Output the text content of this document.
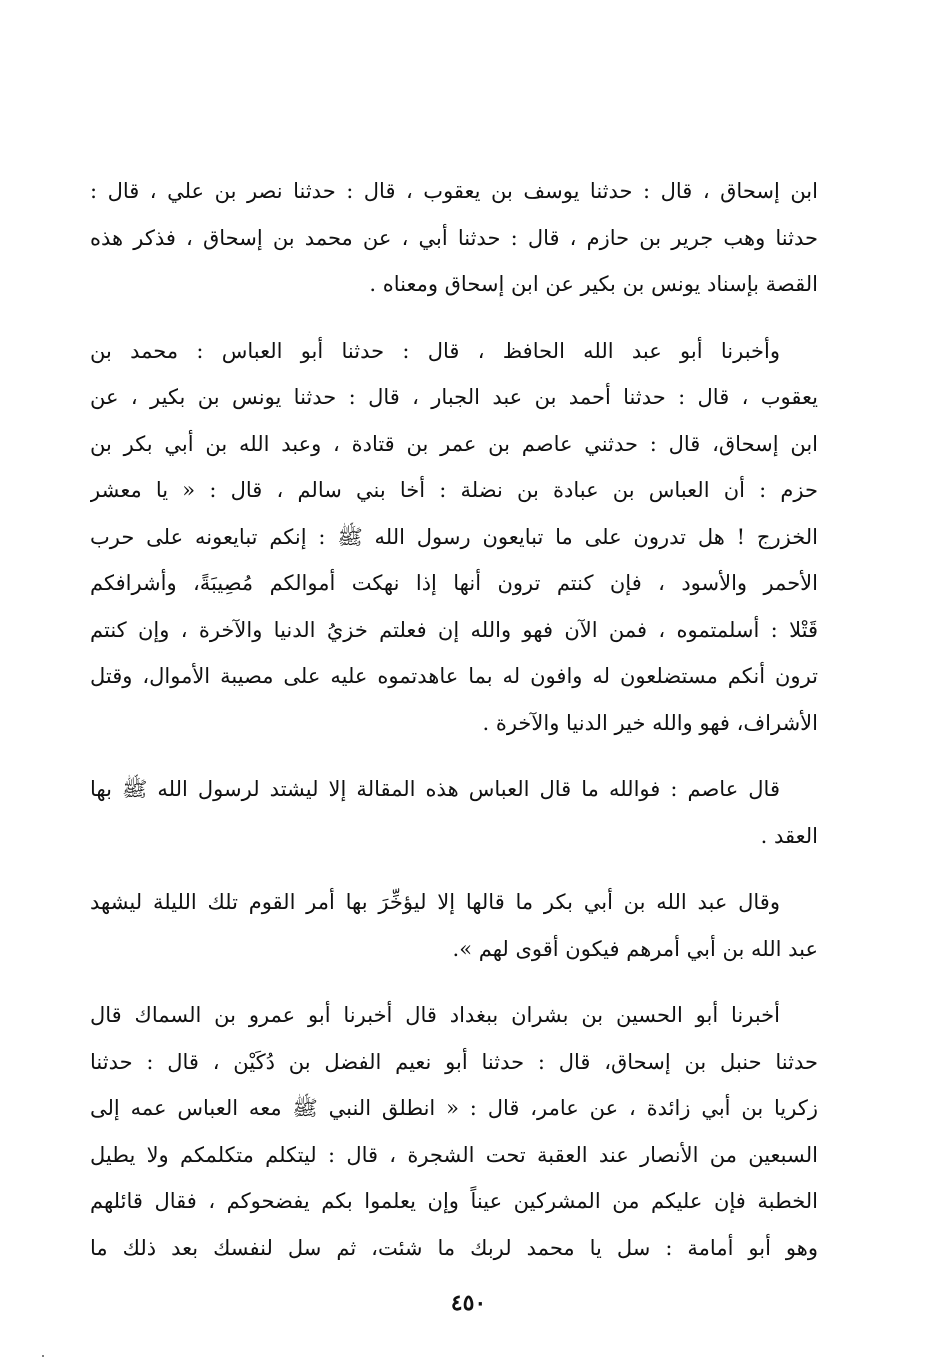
ابن إسحاق ، قال : حدثنا يوسف بن يعقوب ، قال : حدثنا نصر بن علي ، قال :
حدثنا وهب جرير بن حازم ، قال : حدثنا أبي ، عن محمد بن إسحاق ، فذكر هذه
القصة بإسناد يونس بن بكير عن ابن إسحاق ومعناه .
وأخبرنا أبو عبد الله الحافظ ، قال : حدثنا أبو العباس : محمد بن
يعقوب ، قال : حدثنا أحمد بن عبد الجبار ، قال : حدثنا يونس بن بكير ، عن
ابن إسحاق، قال : حدثني عاصم بن عمر بن قتادة ، وعبد الله بن أبي بكر بن
حزم : أن العباس بن عبادة بن نضلة : أخا بني سالم ، قال : « يا معشر
الخزرج ! هل تدرون على ما تبايعون رسول الله ﷺ : إنكم تبايعونه على حرب
الأحمر والأسود ، فإن كنتم ترون أنها إذا نهكت أموالكم مُصِيبَةً، وأشرافكم
قَتْلا : أسلمتموه ، فمن الآن فهو والله إن فعلتم خزيُ الدنيا والآخرة ، وإن كنتم
ترون أنكم مستضلعون له وافون له بما عاهدتموه عليه على مصيبة الأموال، وقتل
الأشراف، فهو والله خير الدنيا والآخرة .
قال عاصم : فوالله ما قال العباس هذه المقالة إلا ليشتد لرسول الله ﷺ بها
العقد .
وقال عبد الله بن أبي بكر ما قالها إلا ليؤخِّرَ بها أمر القوم تلك الليلة ليشهد
عبد الله بن أبي أمرهم فيكون أقوى لهم ».
أخبرنا أبو الحسين بن بشران ببغداد قال أخبرنا أبو عمرو بن السماك قال
حدثنا حنبل بن إسحاق، قال : حدثنا أبو نعيم الفضل بن دُكَيْن ، قال : حدثنا
زكريا بن أبي زائدة ، عن عامر، قال : « انطلق النبي ﷺ معه العباس عمه إلى
السبعين من الأنصار عند العقبة تحت الشجرة ، قال : ليتكلم متكلمكم ولا يطيل
الخطبة فإن عليكم من المشركين عيناً وإن يعلموا بكم يفضحوكم ، فقال قائلهم
وهو أبو أمامة : سل يا محمد لربك ما شئت، ثم سل لنفسك بعد ذلك ما
٤٥٠
